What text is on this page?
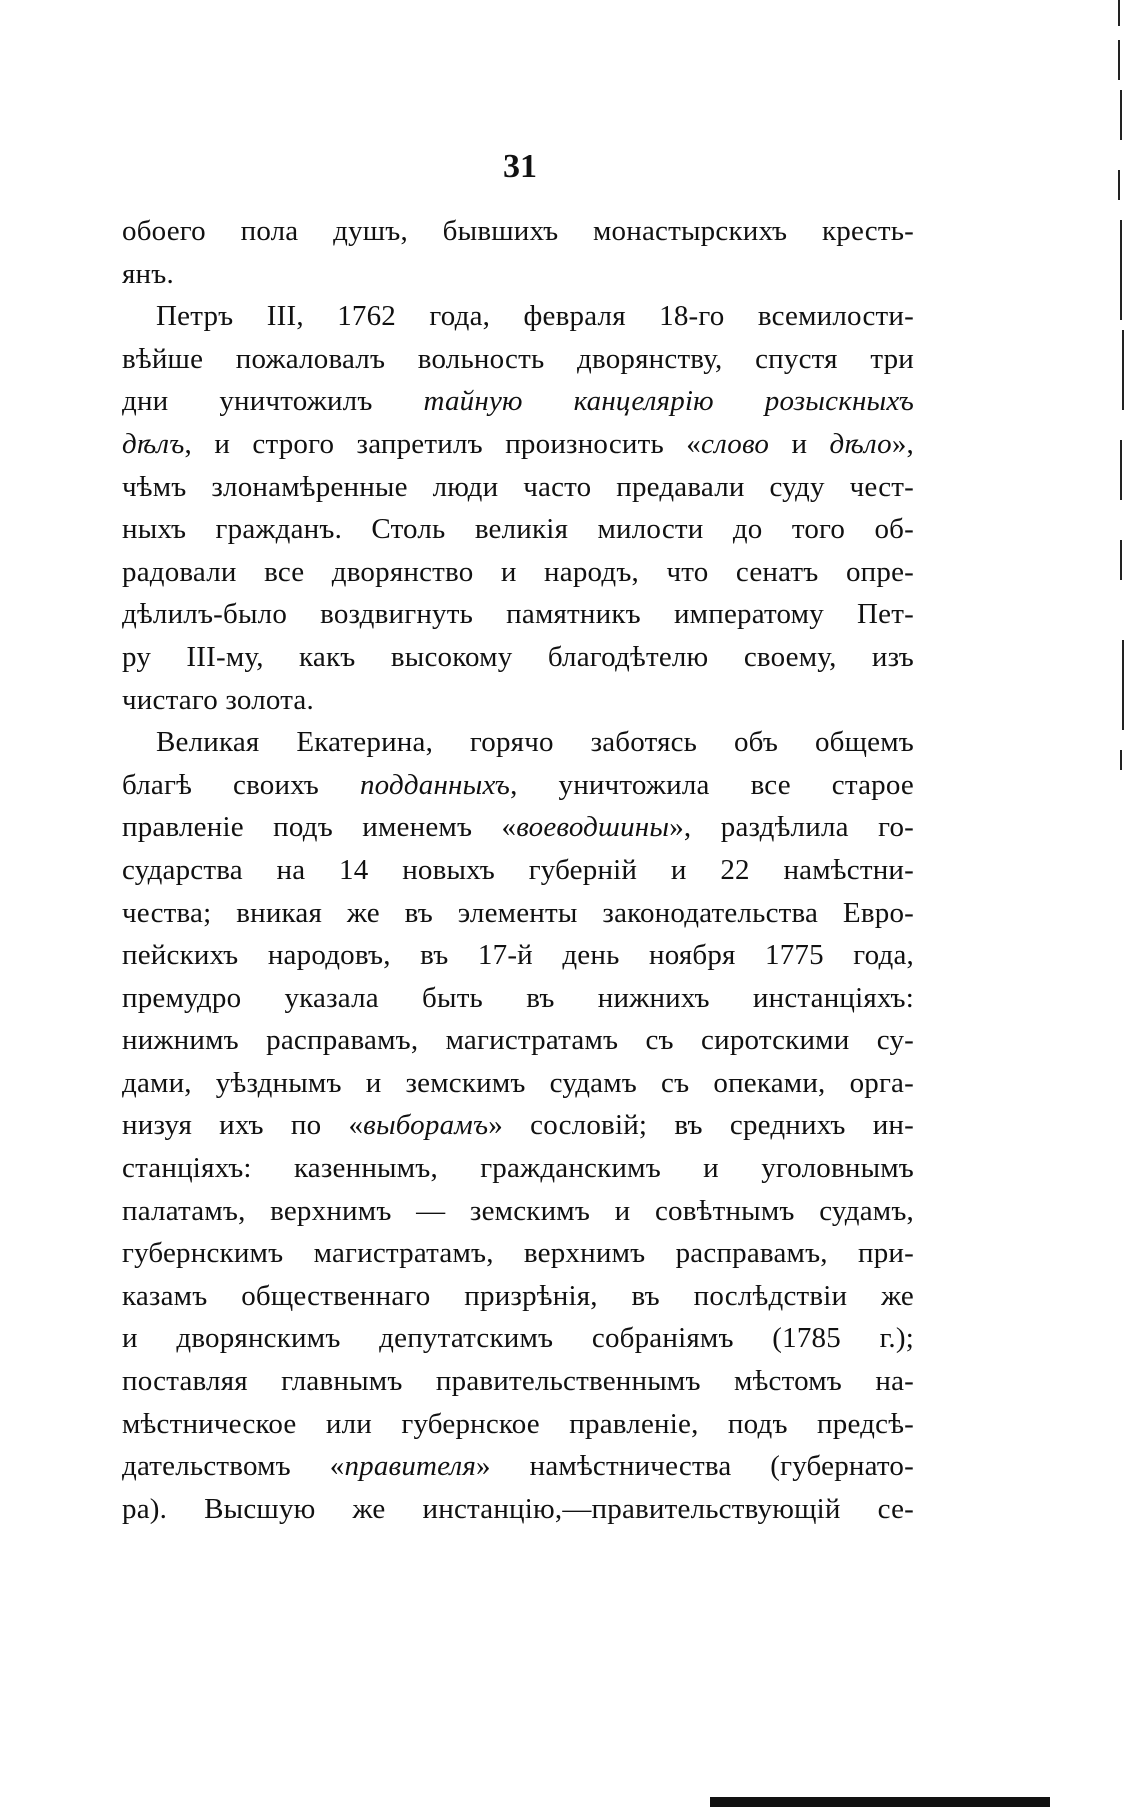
31
обоего пола душъ, бывшихъ монастырскихъ кресть-
янъ.
Петръ III, 1762 года, февраля 18-го всемилости-
вѣйше пожаловалъ вольность дворянству, спустя три
дни уничтожилъ тайную канцелярію розыскныхъ
дѣлъ, и строго запретилъ произносить «слово и дѣло»,
чѣмъ злонамѣренные люди часто предавали суду чест-
ныхъ гражданъ. Столь великія милости до того об-
радовали все дворянство и народъ, что сенатъ опре-
дѣлилъ-было воздвигнуть памятникъ императому Пет-
ру III-му, какъ высокому благодѣтелю своему, изъ
чистаго золота.
Великая Екатерина, горячо заботясь объ общемъ
благѣ своихъ подданныхъ, уничтожила все старое
правленіе подъ именемъ «воеводшины», раздѣлила го-
сударства на 14 новыхъ губерній и 22 намѣстни-
чества; вникая же въ элементы законодательства Евро-
пейскихъ народовъ, въ 17-й день ноября 1775 года,
премудро указала быть въ нижнихъ инстанціяхъ:
нижнимъ расправамъ, магистратамъ съ сиротскими су-
дами, уѣзднымъ и земскимъ судамъ съ опеками, орга-
низуя ихъ по «выборамъ» сословій; въ среднихъ ин-
станціяхъ: казеннымъ, гражданскимъ и уголовнымъ
палатамъ, верхнимъ — земскимъ и совѣтнымъ судамъ,
губернскимъ магистратамъ, верхнимъ расправамъ, при-
казамъ общественнаго призрѣнія, въ послѣдствіи же
и дворянскимъ депутатскимъ собраніямъ (1785 г.);
поставляя главнымъ правительственнымъ мѣстомъ на-
мѣстническое или губернское правленіе, подъ предсѣ-
дательствомъ «правителя» намѣстничества (губернато-
ра). Высшую же инстанцію,—правительствующій се-
